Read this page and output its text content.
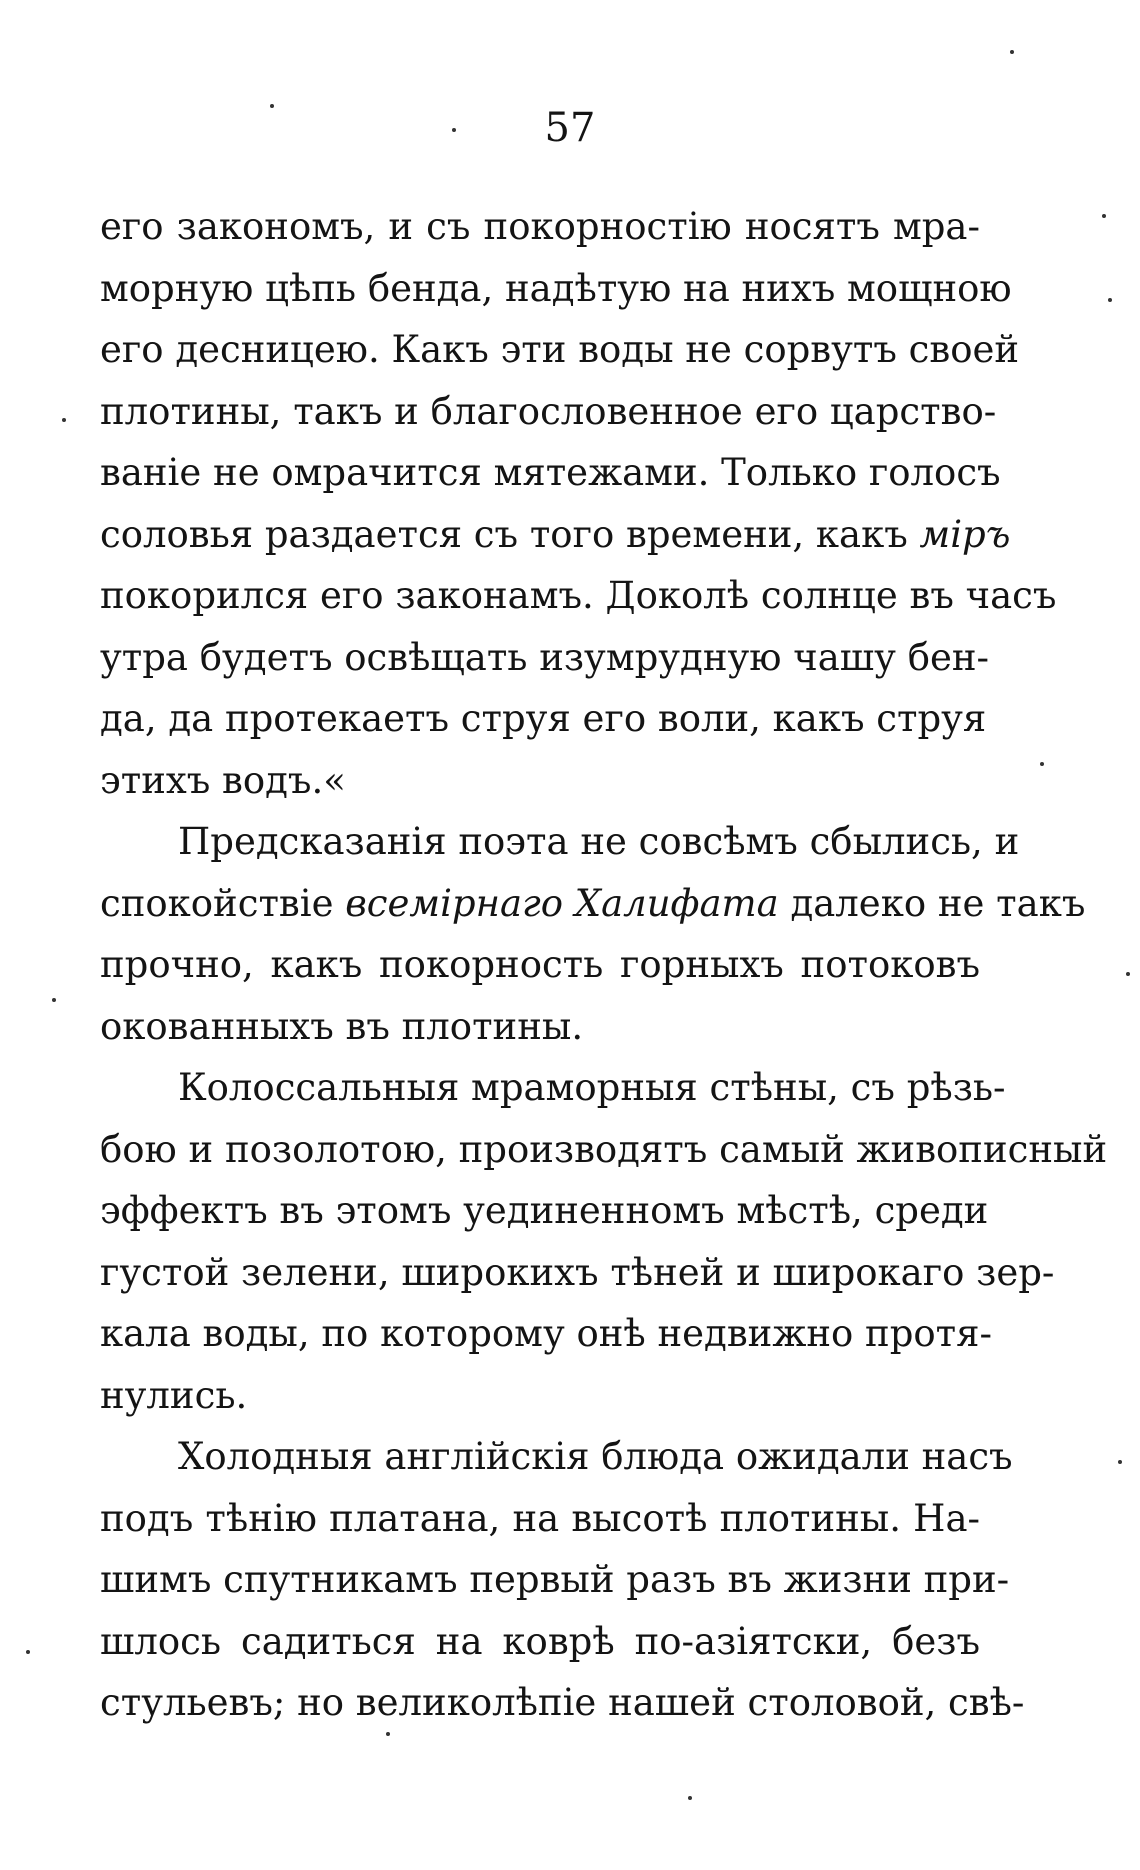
57
его закономъ, и съ покорностію носятъ мра-
морную цѣпь бенда, надѣтую на нихъ мощною
его десницею. Какъ эти воды не сорвутъ своей
плотины, такъ и благословенное его царство-
ваніе не омрачится мятежами. Только голосъ
соловья раздается съ того времени, какъ міръ
покорился его законамъ. Доколѣ солнце въ часъ
утра будетъ освѣщать изумрудную чашу бен-
да, да протекаетъ струя его воли, какъ струя
этихъ водъ.«
Предсказанія поэта не совсѣмъ сбылись, и
спокойствіе всемірнаго Халифата далеко не такъ
прочно, какъ покорность горныхъ потоковъ
окованныхъ въ плотины.
Колоссальныя мраморныя стѣны, съ рѣзь-
бою и позолотою, производятъ самый живописный
эффектъ въ этомъ уединенномъ мѣстѣ, среди
густой зелени, широкихъ тѣней и широкаго зер-
кала воды, по которому онѣ недвижно протя-
нулись.
Холодныя англійскія блюда ожидали насъ
подъ тѣнію платана, на высотѣ плотины. На-
шимъ спутникамъ первый разъ въ жизни при-
шлось садиться на коврѣ по-азіятски, безъ
стульевъ; но великолѣпіе нашей столовой, свѣ-
